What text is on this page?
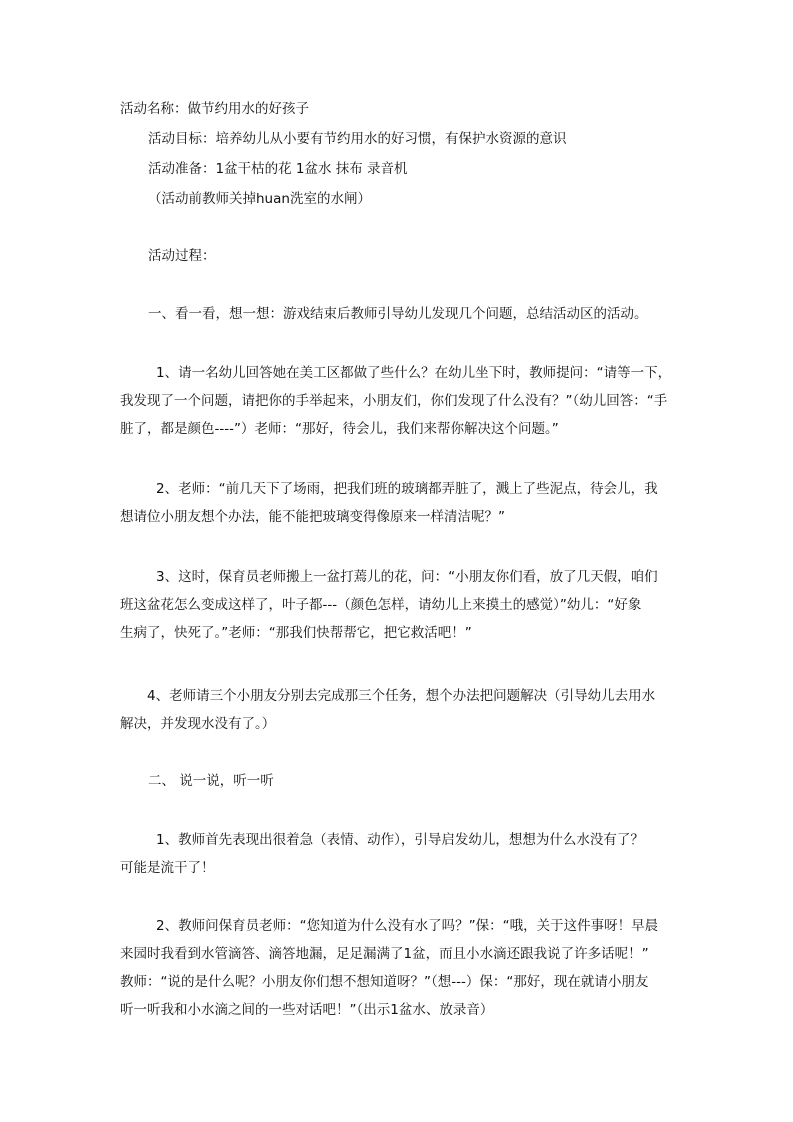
活动名称：做节约用水的好孩子
活动目标：培养幼儿从小要有节约用水的好习惯，有保护水资源的意识
活动准备：1盆干枯的花 1盆水 抹布 录音机
（活动前教师关掉huan洗室的水闸）
活动过程：
一、看一看，想一想：游戏结束后教师引导幼儿发现几个问题，总结活动区的活动。
1、请一名幼儿回答她在美工区都做了些什么？在幼儿坐下时，教师提问：“请等一下，
我发现了一个问题，请把你的手举起来，小朋友们，你们发现了什么没有？”（幼儿回答：“手
脏了，都是颜色----”）老师：“那好，待会儿，我们来帮你解决这个问题。”
2、老师：“前几天下了场雨，把我们班的玻璃都弄脏了，溅上了些泥点，待会儿，我
想请位小朋友想个办法，能不能把玻璃变得像原来一样清洁呢？”
3、这时，保育员老师搬上一盆打蔫儿的花，问：“小朋友你们看，放了几天假，咱们
班这盆花怎么变成这样了，叶子都---（颜色怎样，请幼儿上来摸土的感觉）”幼儿：“好象
生病了，快死了。”老师：“那我们快帮帮它，把它救活吧！”
4、老师请三个小朋友分别去完成那三个任务，想个办法把问题解决（引导幼儿去用水
解决，并发现水没有了。）
二、 说一说，听一听
1、教师首先表现出很着急（表情、动作），引导启发幼儿，想想为什么水没有了？
可能是流干了！
2、教师问保育员老师：“您知道为什么没有水了吗？”保：“哦，关于这件事呀！早晨
来园时我看到水管滴答、滴答地漏，足足漏满了1盆，而且小水滴还跟我说了许多话呢！”
教师：“说的是什么呢？小朋友你们想不想知道呀？”（想---）保：“那好，现在就请小朋友
听一听我和小水滴之间的一些对话吧！”（出示1盆水、放录音）
